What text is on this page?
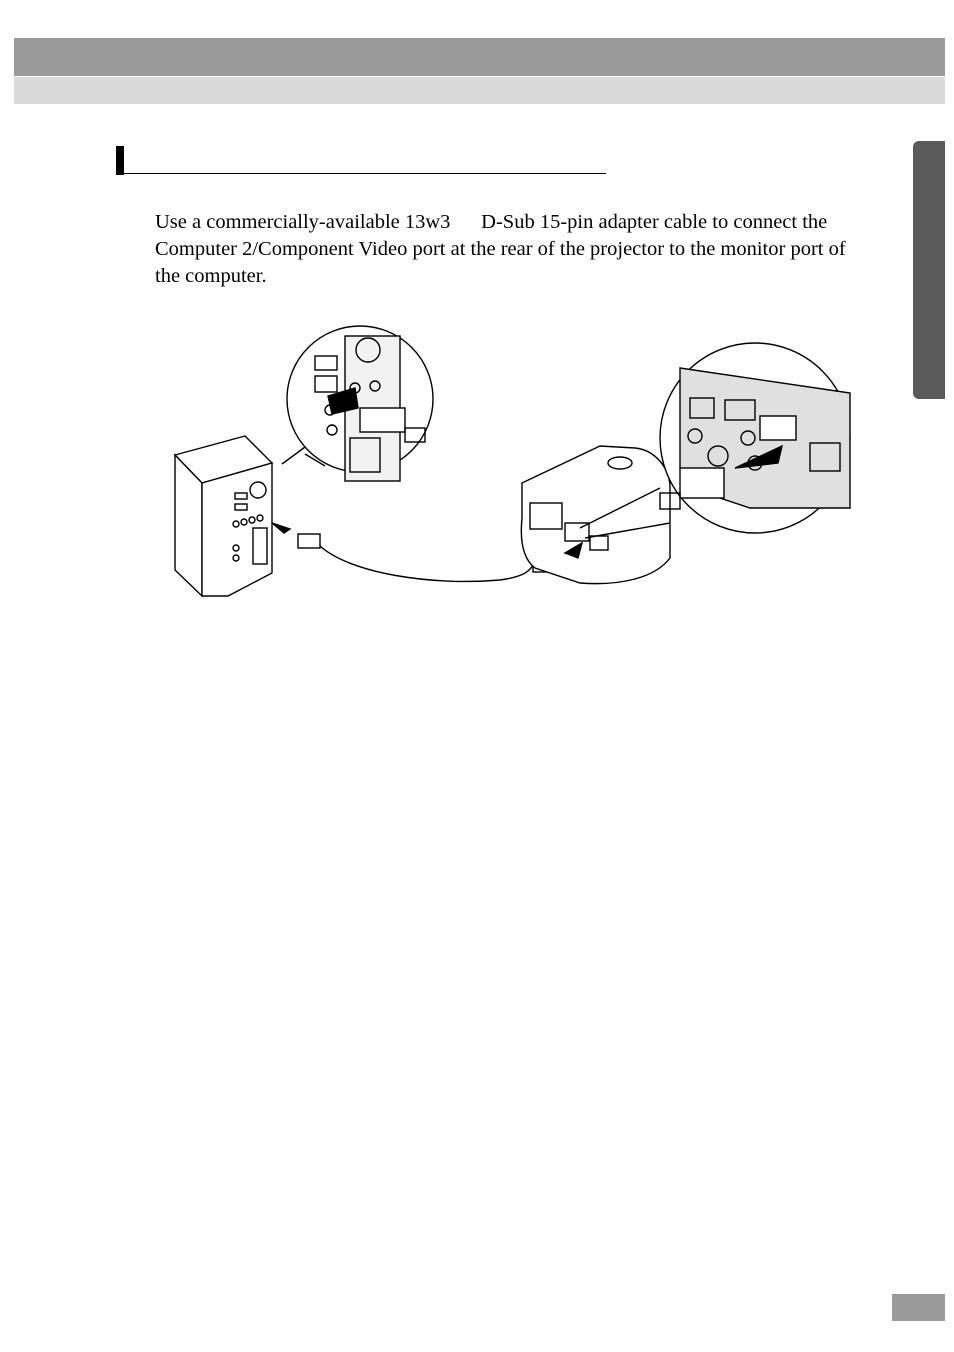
Use a commercially-available 13w3      D-Sub 15-pin adapter cable to connect the Computer 2/Component Video port at the rear of the projector to the monitor port of the computer.
